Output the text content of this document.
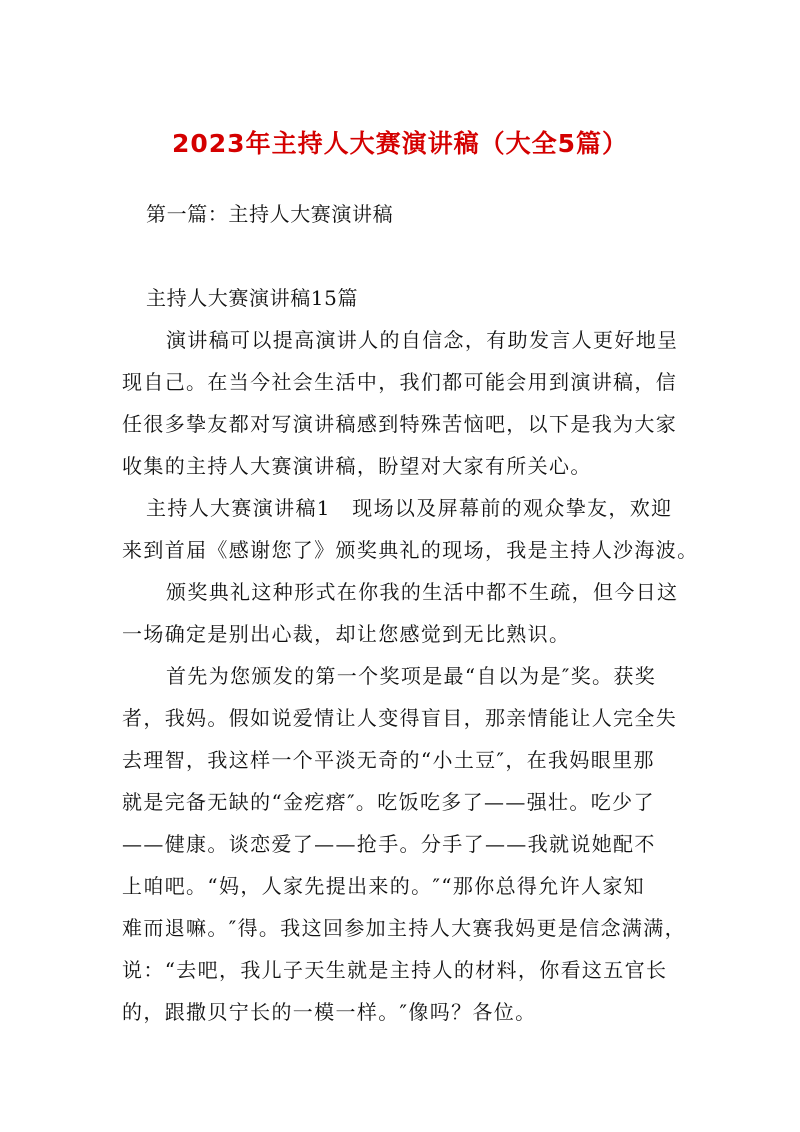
2023年主持人大赛演讲稿（大全5篇）
第一篇：主持人大赛演讲稿
主持人大赛演讲稿15篇
演讲稿可以提高演讲人的自信念，有助发言人更好地呈
现自己。在当今社会生活中，我们都可能会用到演讲稿，信
任很多挚友都对写演讲稿感到特殊苦恼吧，以下是我为大家
收集的主持人大赛演讲稿，盼望对大家有所关心。
主持人大赛演讲稿1　现场以及屏幕前的观众挚友，欢迎
来到首届《感谢您了》颁奖典礼的现场，我是主持人沙海波。
颁奖典礼这种形式在你我的生活中都不生疏，但今日这
一场确定是别出心裁，却让您感觉到无比熟识。
首先为您颁发的第一个奖项是最“自以为是″奖。获奖
者，我妈。假如说爱情让人变得盲目，那亲情能让人完全失
去理智，我这样一个平淡无奇的“小土豆″，在我妈眼里那
就是完备无缺的“金疙瘩″。吃饭吃多了——强壮。吃少了
——健康。谈恋爱了——抢手。分手了——我就说她配不
上咱吧。“妈，人家先提出来的。″“那你总得允许人家知
难而退嘛。″得。我这回参加主持人大赛我妈更是信念满满，
说：“去吧，我儿子天生就是主持人的材料，你看这五官长
的，跟撒贝宁长的一模一样。″像吗？各位。
